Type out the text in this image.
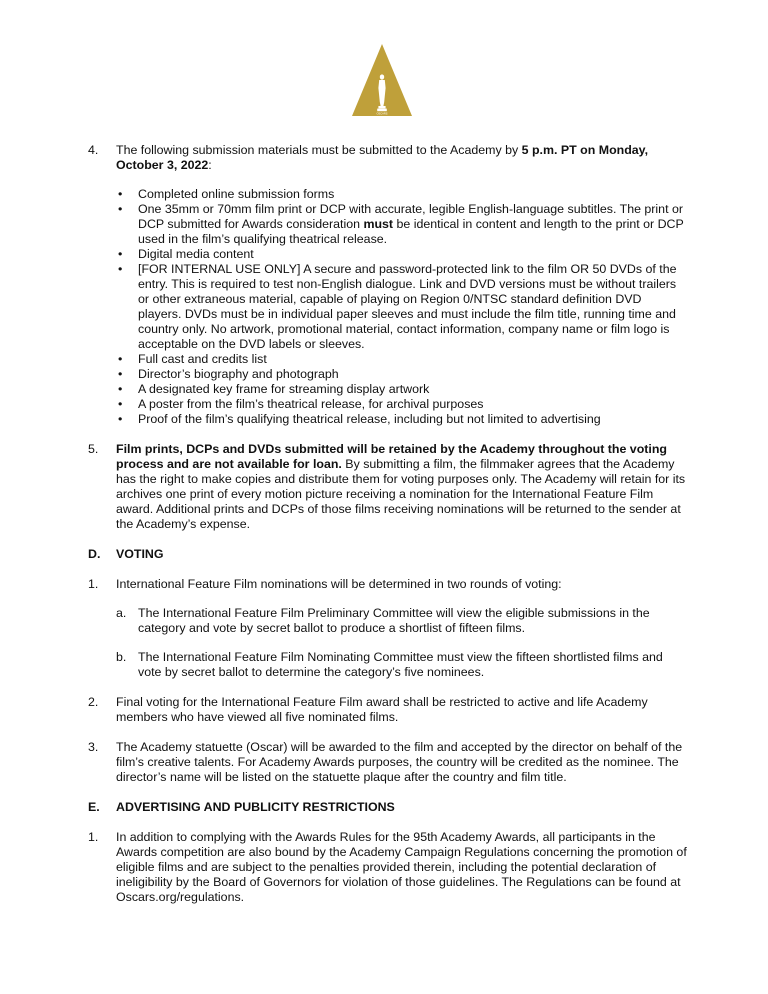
OSCARS
4. The following submission materials must be submitted to the Academy by 5 p.m. PT on Monday, October 3, 2022:
• Completed online submission forms
• One 35mm or 70mm film print or DCP with accurate, legible English-language subtitles. The print or DCP submitted for Awards consideration must be identical in content and length to the print or DCP used in the film’s qualifying theatrical release.
• Digital media content
• [FOR INTERNAL USE ONLY] A secure and password-protected link to the film OR 50 DVDs of the entry. This is required to test non-English dialogue. Link and DVD versions must be without trailers or other extraneous material, capable of playing on Region 0/NTSC standard definition DVD players. DVDs must be in individual paper sleeves and must include the film title, running time and country only. No artwork, promotional material, contact information, company name or film logo is acceptable on the DVD labels or sleeves.
• Full cast and credits list
• Director’s biography and photograph
• A designated key frame for streaming display artwork
• A poster from the film’s theatrical release, for archival purposes
• Proof of the film’s qualifying theatrical release, including but not limited to advertising
5. Film prints, DCPs and DVDs submitted will be retained by the Academy throughout the voting process and are not available for loan. By submitting a film, the filmmaker agrees that the Academy has the right to make copies and distribute them for voting purposes only. The Academy will retain for its archives one print of every motion picture receiving a nomination for the International Feature Film award. Additional prints and DCPs of those films receiving nominations will be returned to the sender at the Academy’s expense.
D. VOTING
1. International Feature Film nominations will be determined in two rounds of voting:
a. The International Feature Film Preliminary Committee will view the eligible submissions in the category and vote by secret ballot to produce a shortlist of fifteen films.
b. The International Feature Film Nominating Committee must view the fifteen shortlisted films and vote by secret ballot to determine the category’s five nominees.
2. Final voting for the International Feature Film award shall be restricted to active and life Academy members who have viewed all five nominated films.
3. The Academy statuette (Oscar) will be awarded to the film and accepted by the director on behalf of the film’s creative talents. For Academy Awards purposes, the country will be credited as the nominee. The director’s name will be listed on the statuette plaque after the country and film title.
E. ADVERTISING AND PUBLICITY RESTRICTIONS
1. In addition to complying with the Awards Rules for the 95th Academy Awards, all participants in the Awards competition are also bound by the Academy Campaign Regulations concerning the promotion of eligible films and are subject to the penalties provided therein, including the potential declaration of ineligibility by the Board of Governors for violation of those guidelines. The Regulations can be found at Oscars.org/regulations.
